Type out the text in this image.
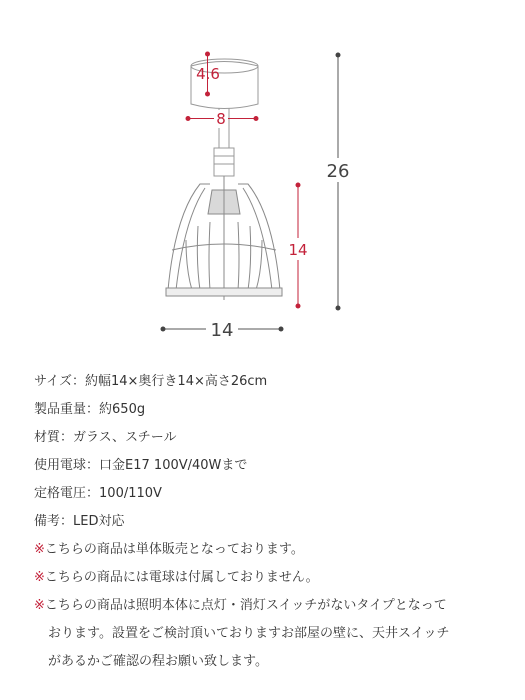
4.6
8
26
14
14
サイズ：約幅14×奥行き14×高さ26cm
製品重量：約650g
材質：ガラス、スチール
使用電球：口金E17 100V/40Wまで
定格電圧：100/110V
備考：LED対応
※こちらの商品は単体販売となっております。
※こちらの商品には電球は付属しておりません。
※こちらの商品は照明本体に点灯・消灯スイッチがないタイプとなって
おります。設置をご検討頂いておりますお部屋の壁に、天井スイッチ
があるかご確認の程お願い致します。
